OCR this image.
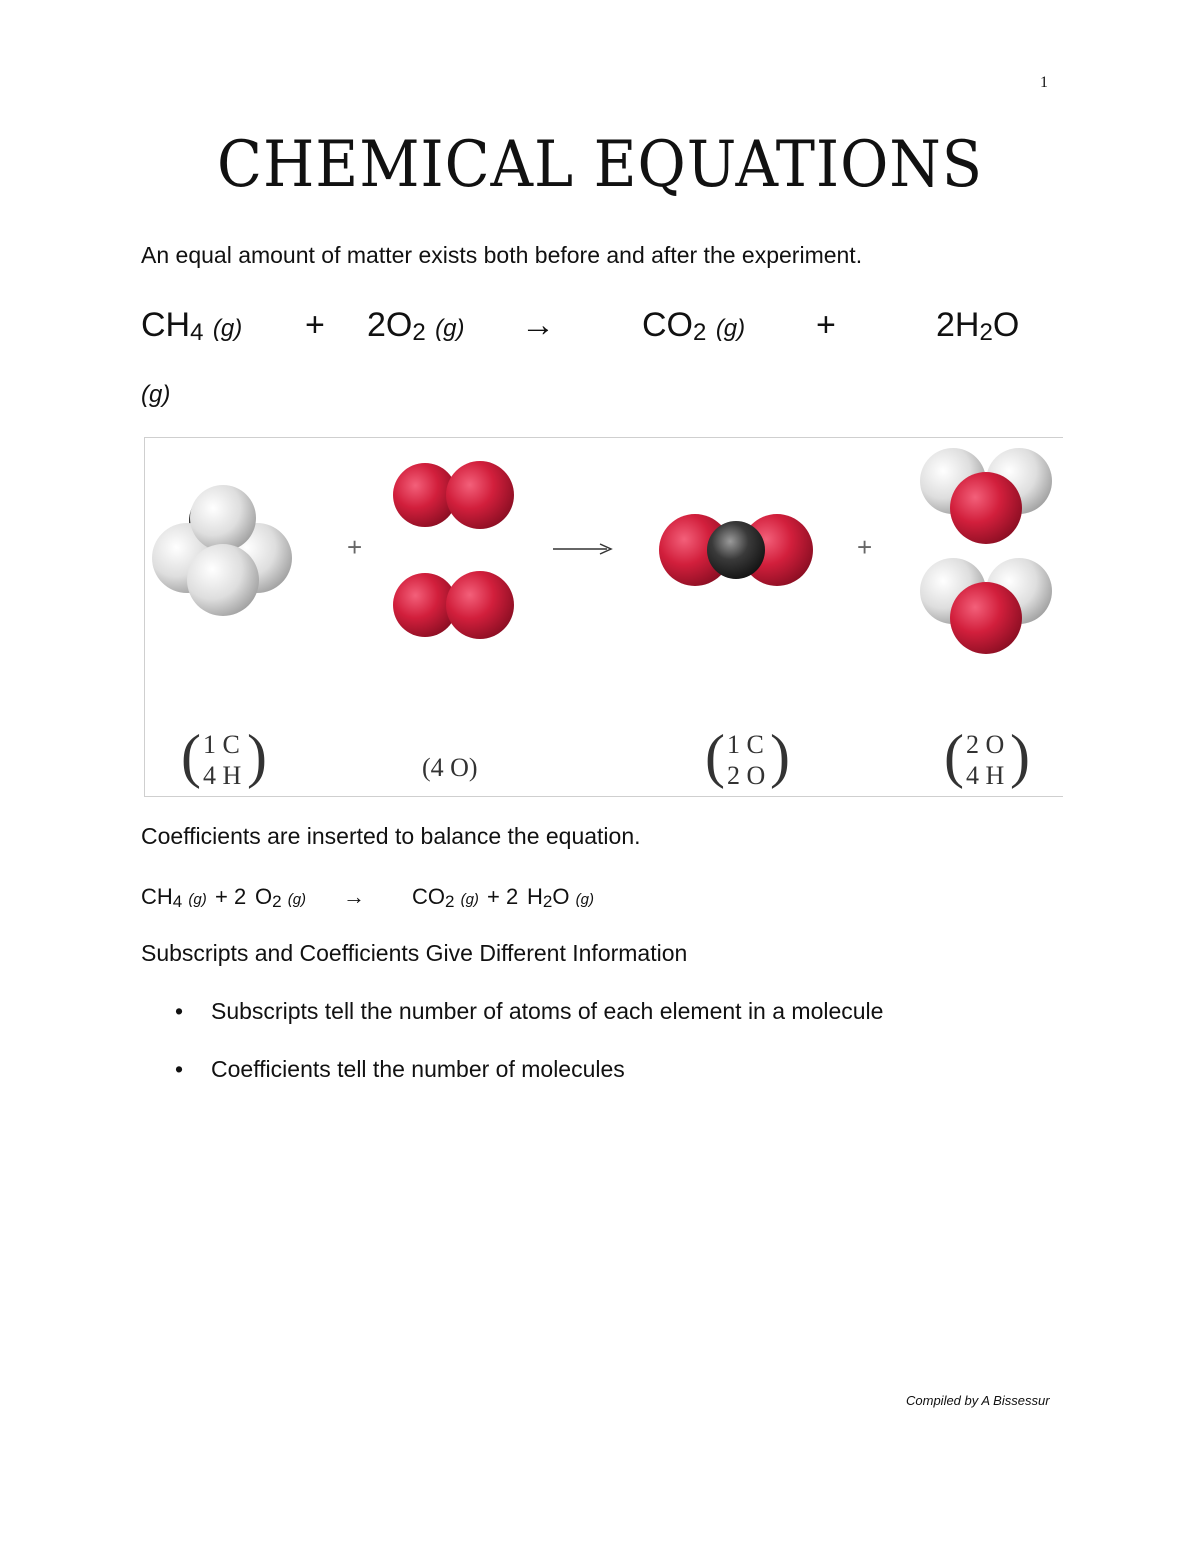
1
CHEMICAL EQUATIONS
An equal amount of matter exists both before and after the experiment.
$CH_4$ $(g) + 2O_2$ (g) →	$CO_2$ (g) +	$2H_2O$
(g)
+	+
( 1 C
4 H )	(4 O)	( 1 C
2 O )	( 2 O
4 H )
Coefficients are inserted to balance the equation.
$CH_4$ (g) + 2 $O_2$ $(g) \to CO_2$ (g) + 2 $H_2O$ (g)
Subscripts and Coefficients Give Different Information
• Subscripts tell the number of atoms of each element in a molecule
• Coefficients tell the number of molecules
Compiled by A Bissessur
